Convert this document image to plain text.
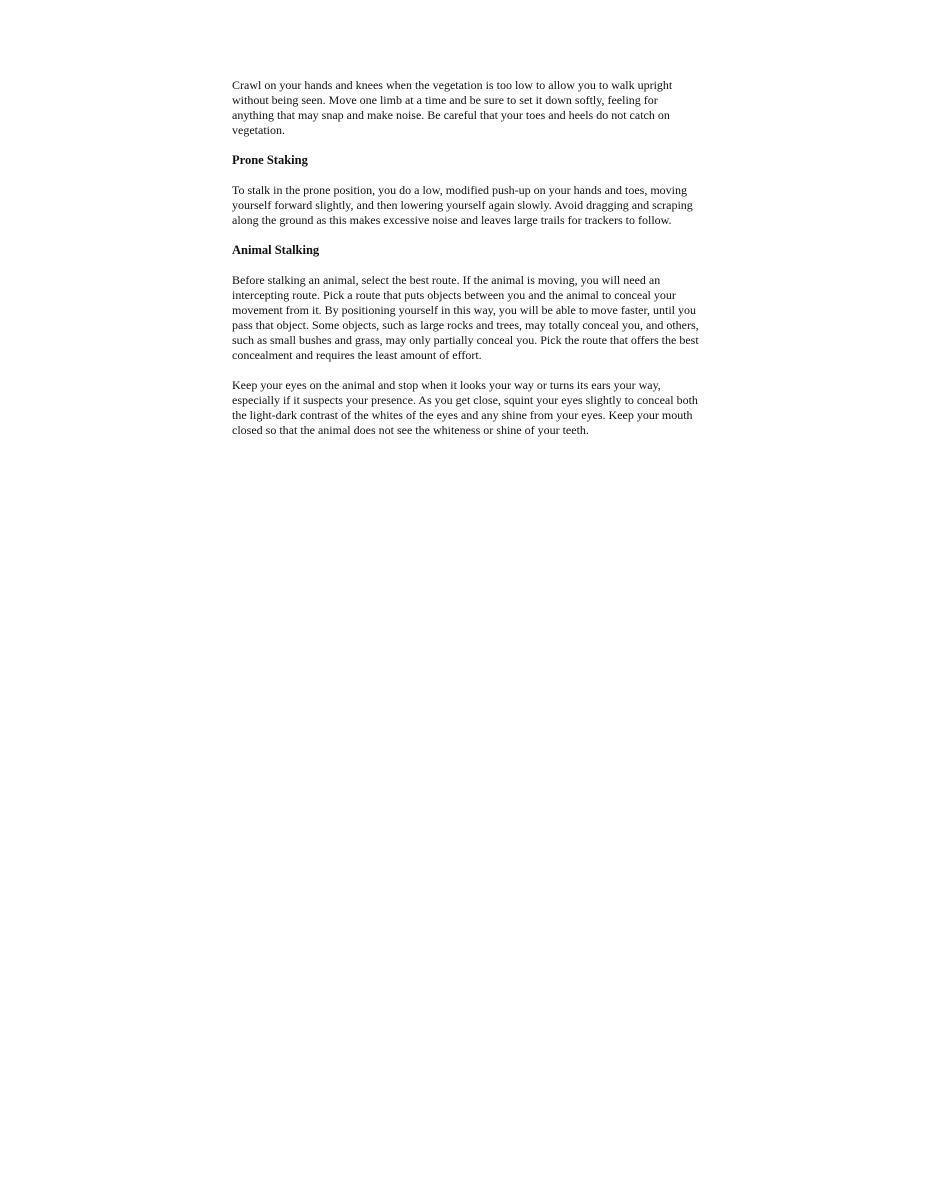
Crawl on your hands and knees when the vegetation is too low to allow you to walk upright without being seen. Move one limb at a time and be sure to set it down softly, feeling for anything that may snap and make noise. Be careful that your toes and heels do not catch on vegetation.

Prone Staking

To stalk in the prone position, you do a low, modified push-up on your hands and toes, moving yourself forward slightly, and then lowering yourself again slowly. Avoid dragging and scraping along the ground as this makes excessive noise and leaves large trails for trackers to follow.

Animal Stalking

Before stalking an animal, select the best route. If the animal is moving, you will need an intercepting route. Pick a route that puts objects between you and the animal to conceal your movement from it. By positioning yourself in this way, you will be able to move faster, until you pass that object. Some objects, such as large rocks and trees, may totally conceal you, and others, such as small bushes and grass, may only partially conceal you. Pick the route that offers the best concealment and requires the least amount of effort.

Keep your eyes on the animal and stop when it looks your way or turns its ears your way, especially if it suspects your presence. As you get close, squint your eyes slightly to conceal both the light-dark contrast of the whites of the eyes and any shine from your eyes. Keep your mouth closed so that the animal does not see the whiteness or shine of your teeth.
